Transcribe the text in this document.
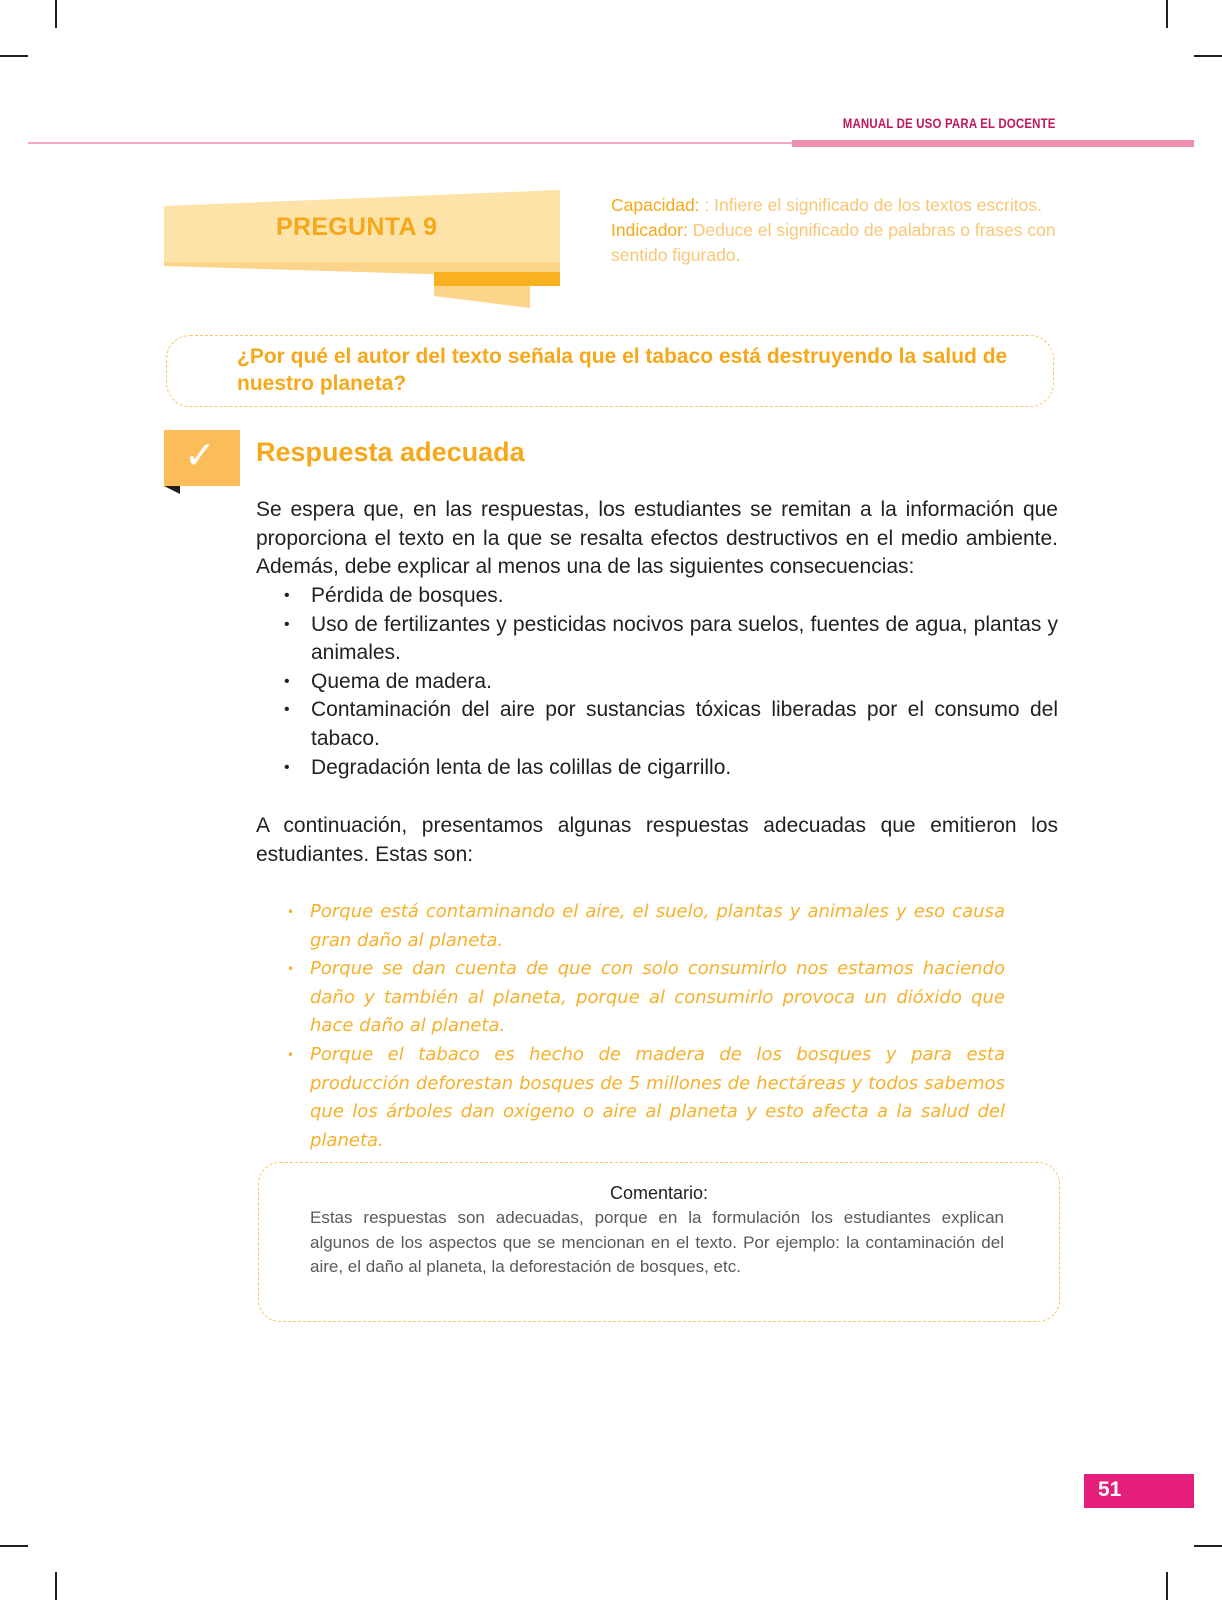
MANUAL DE USO PARA EL DOCENTE
PREGUNTA 9
Capacidad: : Infiere el significado de los textos escritos.
Indicador: Deduce el significado de palabras o frases con sentido figurado.
¿Por qué el autor del texto señala que el tabaco está destruyendo la salud de nuestro planeta?
✓ Respuesta adecuada
Se espera que, en las respuestas, los estudiantes se remitan a la información que proporciona el texto en la que se resalta efectos destructivos en el medio ambiente. Además, debe explicar al menos una de las siguientes consecuencias:
• Pérdida de bosques.
• Uso de fertilizantes y pesticidas nocivos para suelos, fuentes de agua, plantas y animales.
• Quema de madera.
• Contaminación del aire por sustancias tóxicas liberadas por el consumo del tabaco.
• Degradación lenta de las colillas de cigarrillo.
A continuación, presentamos algunas respuestas adecuadas que emitieron los estudiantes. Estas son:
• Porque está contaminando el aire, el suelo, plantas y animales y eso causa gran daño al planeta.
• Porque se dan cuenta de que con solo consumirlo nos estamos haciendo daño y también al planeta, porque al consumirlo provoca un dióxido que hace daño al planeta.
• Porque el tabaco es hecho de madera de los bosques y para esta producción deforestan bosques de 5 millones de hectáreas y todos sabemos que los árboles dan oxigeno o aire al planeta y esto afecta a la salud del planeta.
Comentario:
Estas respuestas son adecuadas, porque en la formulación los estudiantes explican algunos de los aspectos que se mencionan en el texto. Por ejemplo: la contaminación del aire, el daño al planeta, la deforestación de bosques, etc.
51
